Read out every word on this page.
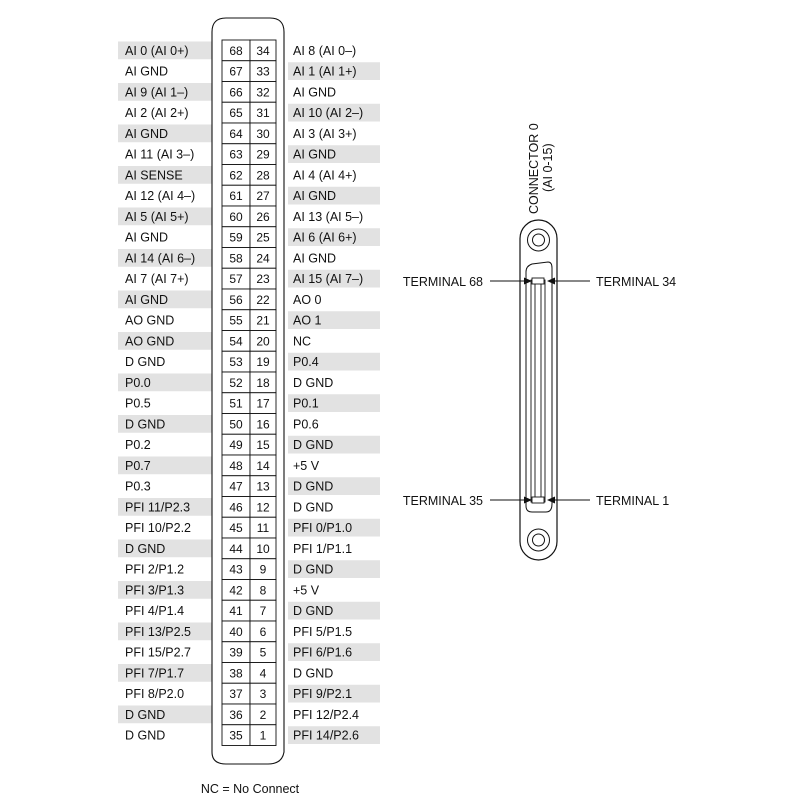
AI 0 (AI 0+)	68 34 AI 8 (AI 0–)
AI GND	67 33 AI 1 (AI 1+)
AI 9 (AI 1–)	66 32 AI GND
AI 2 (AI 2+)	65 31 AI 10 (AI 2–)
AI GND	64 30 AI 3 (AI 3+)
AI 11 (AI 3–)	63 29 AI GND
AI SENSE	62 28 AI 4 (AI 4+)
AI 12 (AI 4–)	61 27 AI GND
AI 5 (AI 5+)	60 26 AI 13 (AI 5–)
AI GND	59 25 AI 6 (AI 6+)
AI 14 (AI 6–)	58 24 AI GND
AI 7 (AI 7+)	57 23 AI 15 (AI 7–)
AI GND	56 22 AO 0
AO GND	55 21 AO 1
AO GND	54 20 NC
D GND	53 19 P0.4
P0.0	52 18 D GND
P0.5	51 17 P0.1
D GND	50 16 P0.6
P0.2	49 15 D GND
P0.7	48 14 +5 V
P0.3	47 13 D GND
PFI 11/P2.3	46 12 D GND
PFI 10/P2.2	45 11 PFI 0/P1.0
D GND	44 10 PFI 1/P1.1
PFI 2/P1.2	43 9 D GND
PFI 3/P1.3	42 8 +5 V
PFI 4/P1.4	41 7 D GND
PFI 13/P2.5	40 6 PFI 5/P1.5
PFI 15/P2.7	39 5 PFI 6/P1.6
PFI 7/P1.7	38 4 D GND
PFI 8/P2.0	37 3 PFI 9/P2.1
D GND	36 2 PFI 12/P2.4
D GND	35 1 PFI 14/P2.6
NC = No Connect
CONNECTOR 0 (AI 0-15)
TERMINAL 68	TERMINAL 34
TERMINAL 35	TERMINAL 1
